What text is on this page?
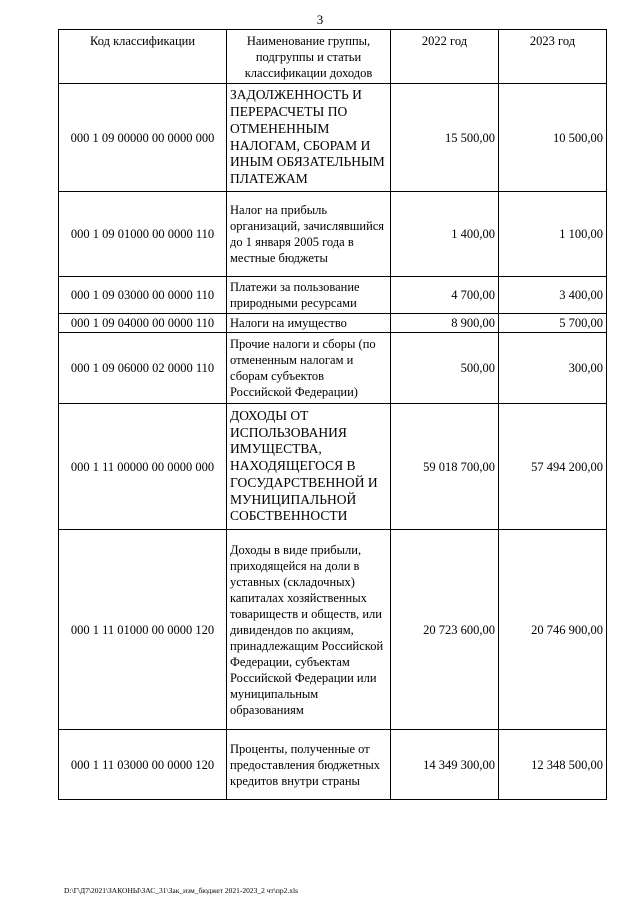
3
Код классификации	Наименование группы, подгруппы и статьи классификации доходов	2022 год	2023 год
000 1 09 00000 00 0000 000	ЗАДОЛЖЕННОСТЬ И ПЕРЕРАСЧЕТЫ ПО ОТМЕНЕННЫМ НАЛОГАМ, СБОРАМ И ИНЫМ ОБЯЗАТЕЛЬНЫМ ПЛАТЕЖАМ	15 500,00	10 500,00
000 1 09 01000 00 0000 110	Налог на прибыль организаций, зачислявшийся до 1 января 2005 года в местные бюджеты	1 400,00	1 100,00
000 1 09 03000 00 0000 110	Платежи за пользование природными ресурсами	4 700,00	3 400,00
000 1 09 04000 00 0000 110	Налоги на имущество	8 900,00	5 700,00
000 1 09 06000 02 0000 110	Прочие налоги и сборы (по отмененным налогам и сборам субъектов Российской Федерации)	500,00	300,00
000 1 11 00000 00 0000 000	ДОХОДЫ ОТ ИСПОЛЬЗОВАНИЯ ИМУЩЕСТВА, НАХОДЯЩЕГОСЯ В ГОСУДАРСТВЕННОЙ И МУНИЦИПАЛЬНОЙ СОБСТВЕННОСТИ	59 018 700,00	57 494 200,00
000 1 11 01000 00 0000 120	Доходы в виде прибыли, приходящейся на доли в уставных (складочных) капиталах хозяйственных товариществ и обществ, или дивидендов по акциям, принадлежащим Российской Федерации, субъектам Российской Федерации или муниципальным образованиям	20 723 600,00	20 746 900,00
000 1 11 03000 00 0000 120	Проценты, полученные от предоставления бюджетных кредитов внутри страны	14 349 300,00	12 348 500,00
D:\Г\Д7\2021\ЗАКОНЫ\ЗАС_31\Зак_изм_бюджет 2021-2023_2 чт\пр2.xls
